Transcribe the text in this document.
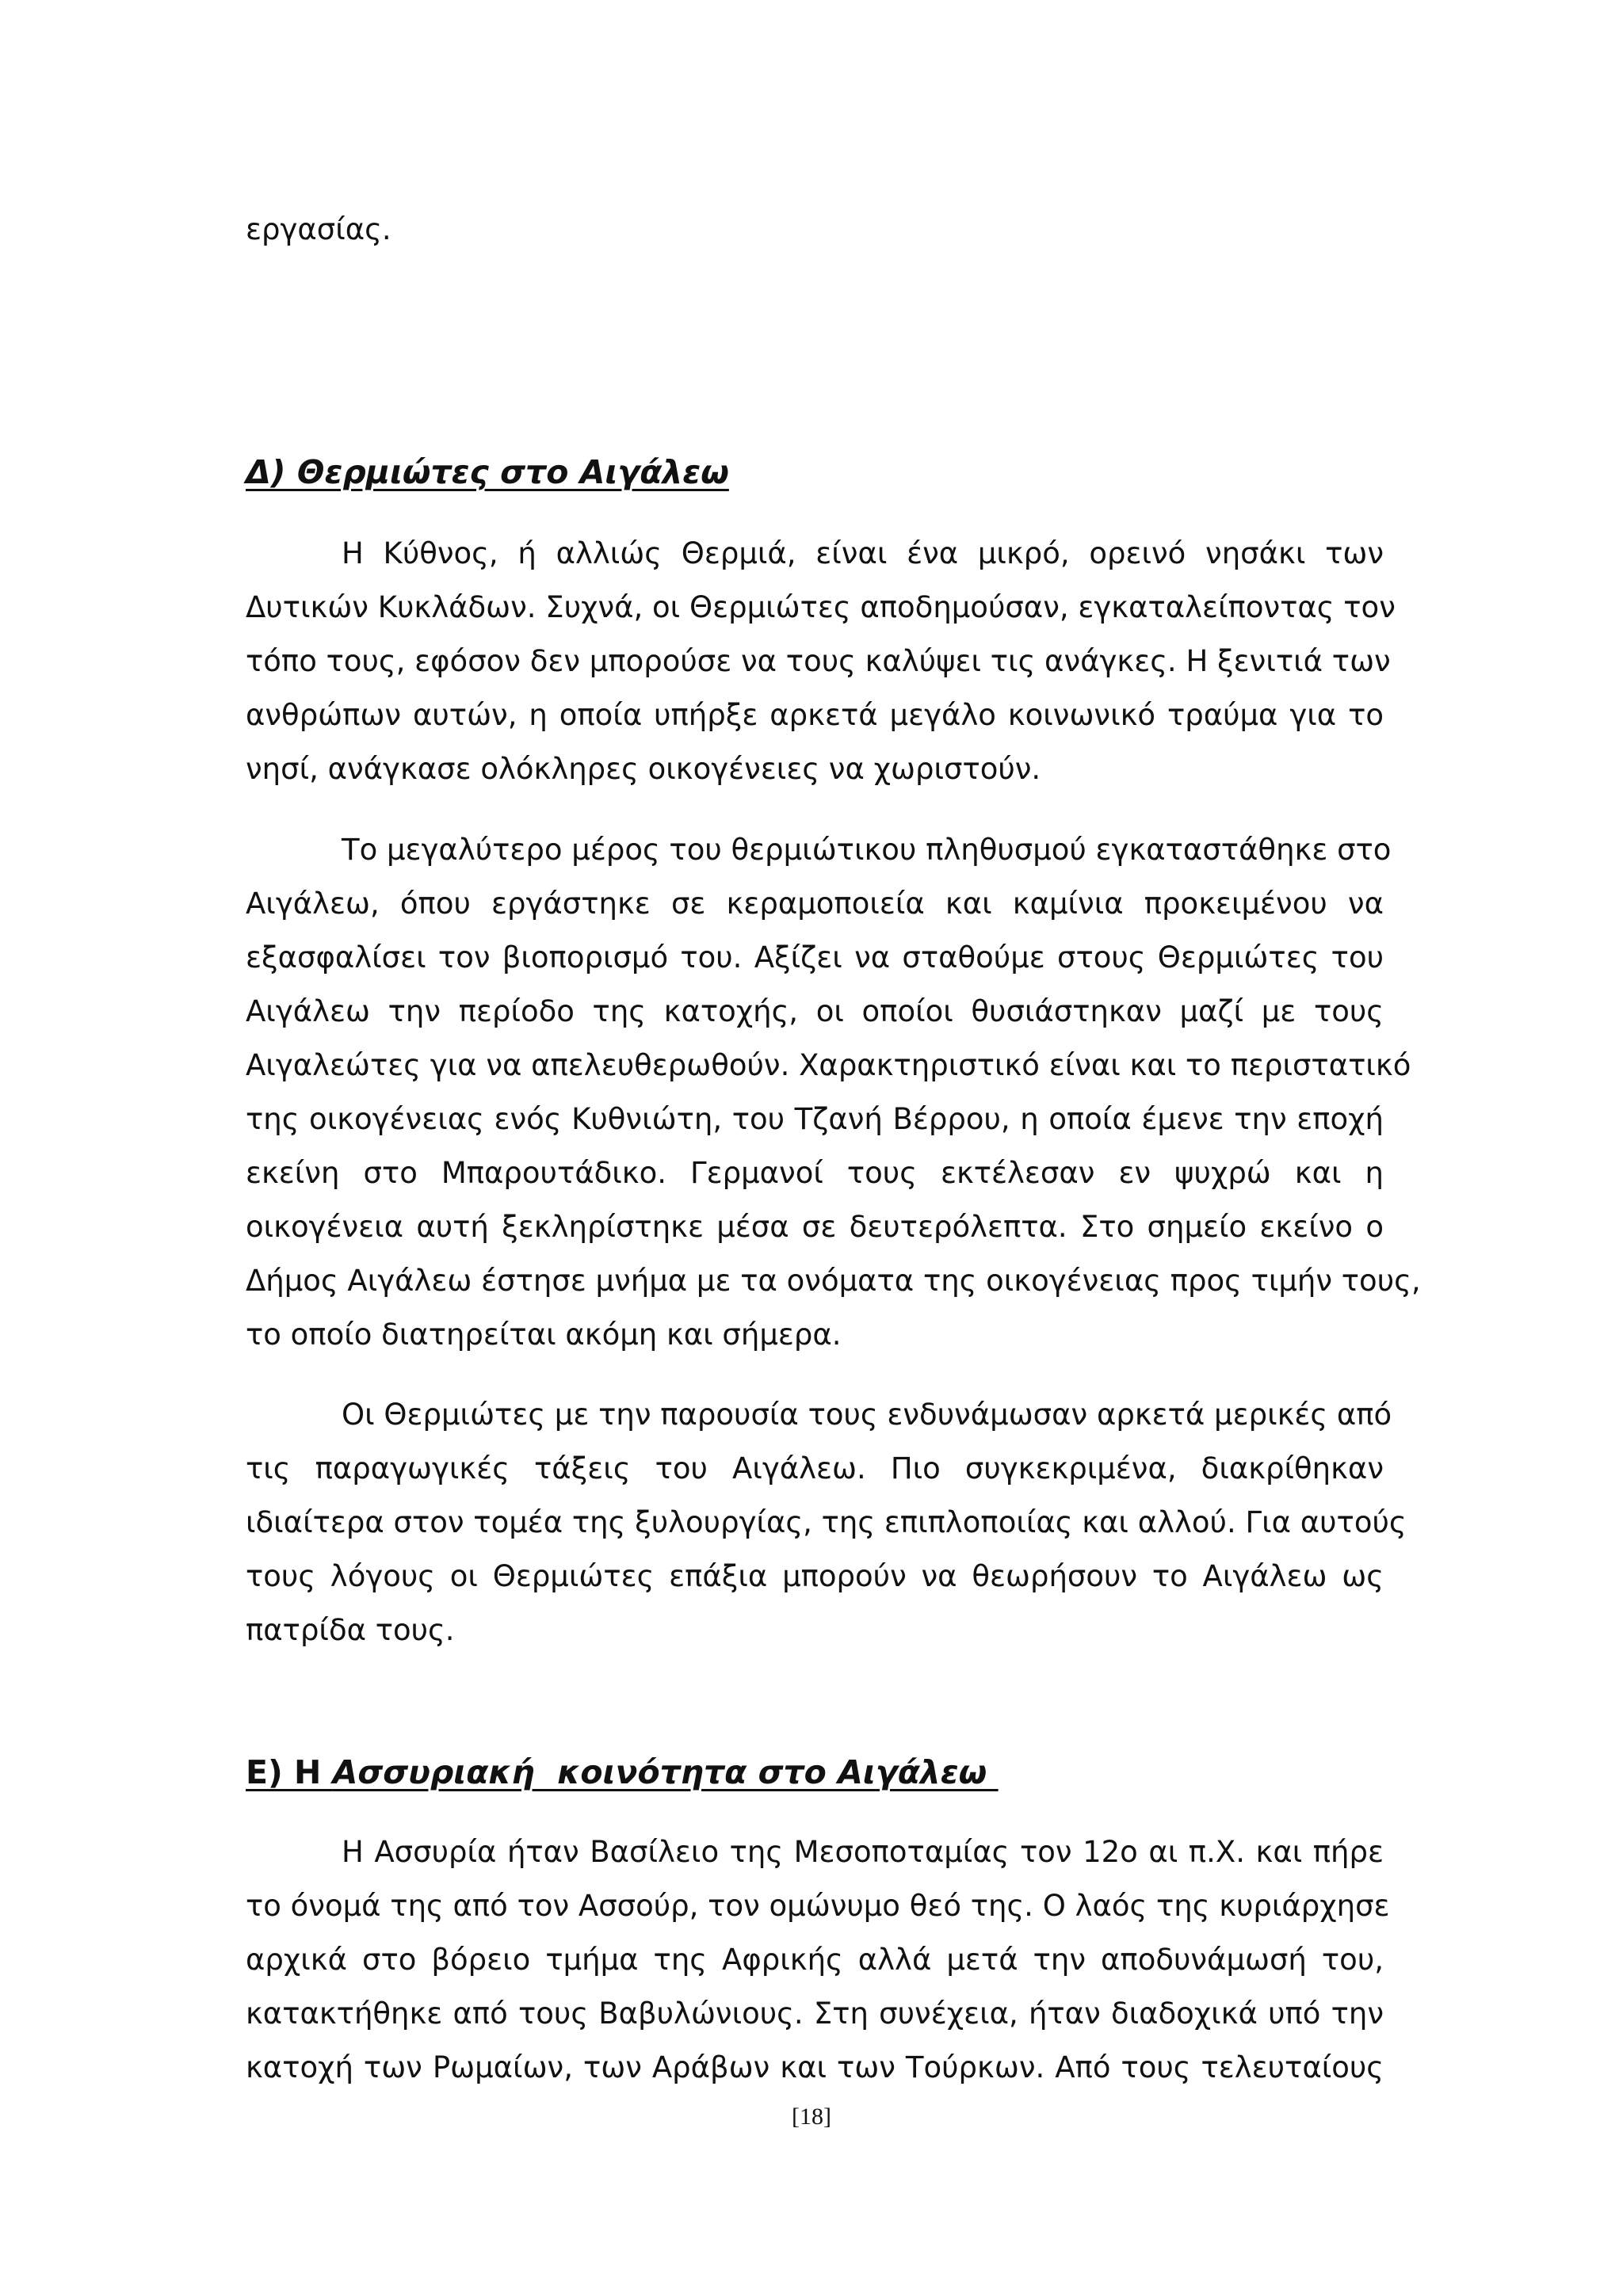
εργασίας.
Δ) Θερμιώτες στο Αιγάλεω
Η Κύθνος, ή αλλιώς Θερμιά, είναι ένα μικρό, ορεινό νησάκι των
Δυτικών Κυκλάδων. Συχνά, οι Θερμιώτες αποδημούσαν, εγκαταλείποντας τον
τόπο τους, εφόσον δεν μπορούσε να τους καλύψει τις ανάγκες. Η ξενιτιά των
ανθρώπων αυτών, η οποία υπήρξε αρκετά μεγάλο κοινωνικό τραύμα για το
νησί, ανάγκασε ολόκληρες οικογένειες να χωριστούν.
Το μεγαλύτερο μέρος του θερμιώτικου πληθυσμού εγκαταστάθηκε στο
Αιγάλεω, όπου εργάστηκε σε κεραμοποιεία και καμίνια προκειμένου να
εξασφαλίσει τον βιοπορισμό του. Αξίζει να σταθούμε στους Θερμιώτες του
Αιγάλεω την περίοδο της κατοχής, οι οποίοι θυσιάστηκαν μαζί με τους
Αιγαλεώτες για να απελευθερωθούν. Χαρακτηριστικό είναι και το περιστατικό
της οικογένειας ενός Κυθνιώτη, του Τζανή Βέρρου, η οποία έμενε την εποχή
εκείνη στο Μπαρουτάδικο. Γερμανοί τους εκτέλεσαν εν ψυχρώ και η
οικογένεια αυτή ξεκληρίστηκε μέσα σε δευτερόλεπτα. Στο σημείο εκείνο ο
Δήμος Αιγάλεω έστησε μνήμα με τα ονόματα της οικογένειας προς τιμήν τους,
το οποίο διατηρείται ακόμη και σήμερα.
Οι Θερμιώτες με την παρουσία τους ενδυνάμωσαν αρκετά μερικές από
τις παραγωγικές τάξεις του Αιγάλεω. Πιο συγκεκριμένα, διακρίθηκαν
ιδιαίτερα στον τομέα της ξυλουργίας, της επιπλοποιίας και αλλού. Για αυτούς
τους λόγους οι Θερμιώτες επάξια μπορούν να θεωρήσουν το Αιγάλεω ως
πατρίδα τους.
Ε) Η Ασσυριακή  κοινότητα στο Αιγάλεω
Η Ασσυρία ήταν Βασίλειο της Μεσοποταμίας τον 12ο αι π.Χ. και πήρε
το όνομά της από τον Ασσούρ, τον ομώνυμο θεό της. Ο λαός της κυριάρχησε
αρχικά στο βόρειο τμήμα της Αφρικής αλλά μετά την αποδυνάμωσή του,
κατακτήθηκε από τους Βαβυλώνιους. Στη συνέχεια, ήταν διαδοχικά υπό την
κατοχή των Ρωμαίων, των Αράβων και των Τούρκων. Από τους τελευταίους
[18]
